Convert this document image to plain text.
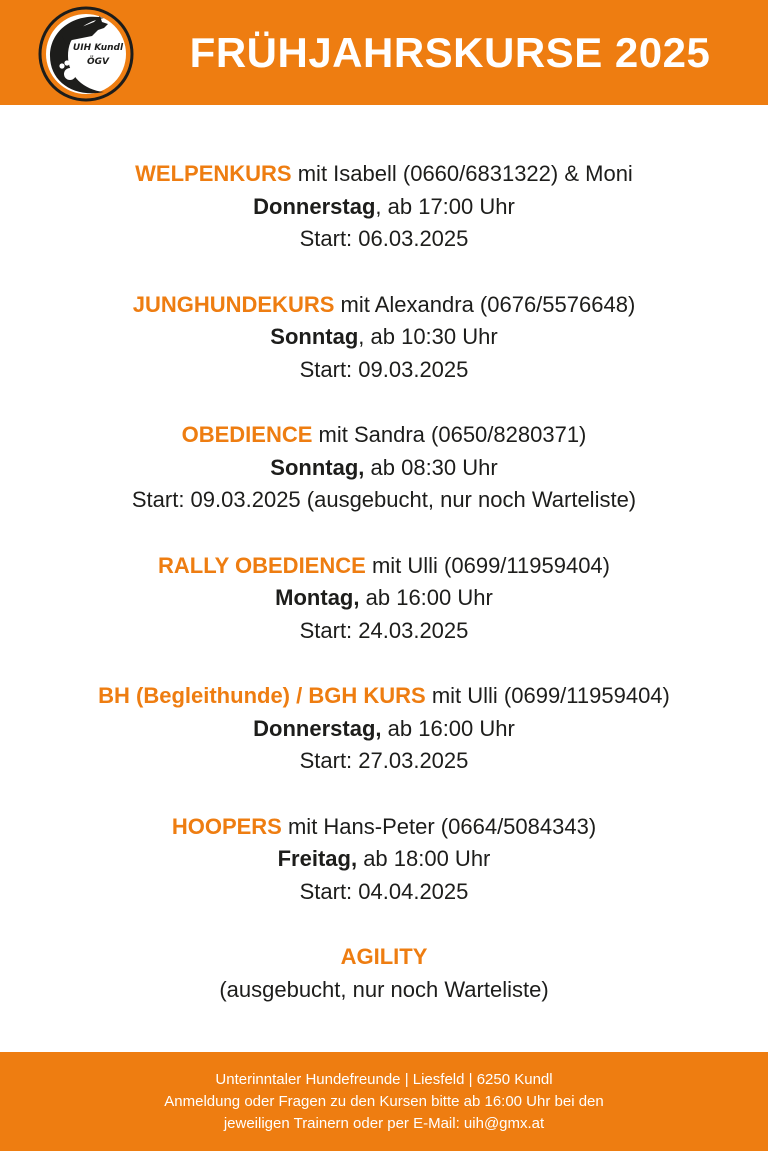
UIH Kundl
ÖGV	FRÜHJAHRSKURSE 2025
WELPENKURS mit Isabell (0660/6831322) & Moni
Donnerstag, ab 17:00 Uhr
Start: 06.03.2025
JUNGHUNDEKURS mit Alexandra (0676/5576648)
Sonntag, ab 10:30 Uhr
Start: 09.03.2025
OBEDIENCE mit Sandra (0650/8280371)
Sonntag, ab 08:30 Uhr
Start: 09.03.2025 (ausgebucht, nur noch Warteliste)
RALLY OBEDIENCE mit Ulli (0699/11959404)
Montag, ab 16:00 Uhr
Start: 24.03.2025
BH (Begleithunde) / BGH KURS mit Ulli (0699/11959404)
Donnerstag, ab 16:00 Uhr
Start: 27.03.2025
HOOPERS mit Hans-Peter (0664/5084343)
Freitag, ab 18:00 Uhr
Start: 04.04.2025
AGILITY
(ausgebucht, nur noch Warteliste)
Unterinntaler Hundefreunde | Liesfeld | 6250 Kundl
Anmeldung oder Fragen zu den Kursen bitte ab 16:00 Uhr bei den
jeweiligen Trainern oder per E-Mail: uih@gmx.at
